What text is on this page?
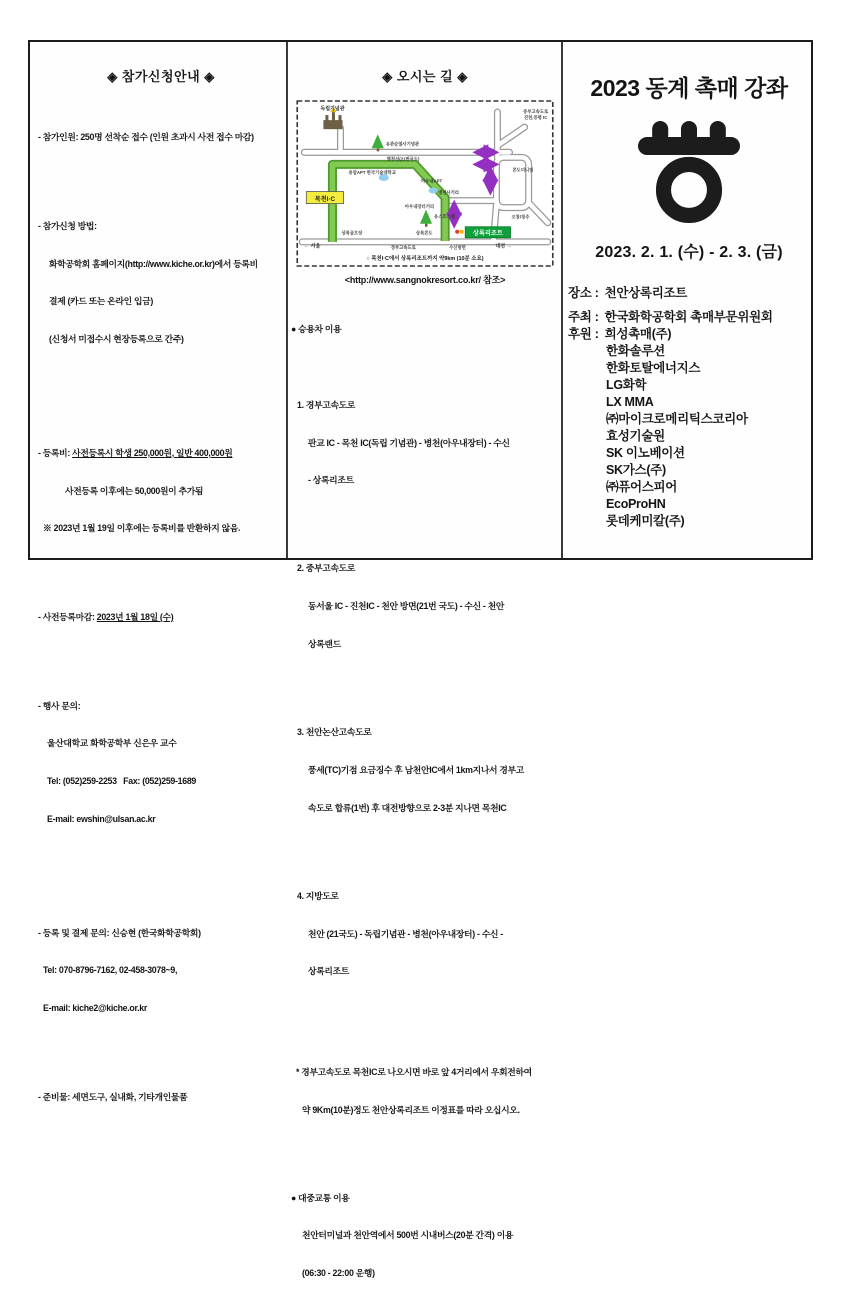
◈ 참가신청안내 ◈

- 참가인원: 250명 선착순 접수 (인원 초과시 사전 접수 마감)

- 참가신청 방법:

화학공학회 홈페이지(http://www.kiche.or.kr)에서 등록비

결제 (카드 또는 온라인 입금)

(신청서 미접수시 현장등록으로 간주)

- 등록비: 사전등록시 학생 250,000원, 일반 400,000원

사전등록 이후에는 50,000원이 추가됨

※ 2023년 1월 19일 이후에는 등록비를 반환하지 않음.

- 사전등록마감: 2023년 1월 18일 (수)

- 행사 문의:

울산대학교 화학공학부 신은우 교수

Tel: (052)259-2253   Fax: (052)259-1689

E-mail: ewshin@ulsan.ac.kr

- 등록 및 결제 문의: 신승현 (한국화학공학회)

Tel: 070-8796-7162, 02-458-3078~9,

E-mail: kiche2@kiche.or.kr

- 준비물: 세면도구, 실내화, 기타개인물품

◈ 오시는 길 ◈
목천I·C
상록리조트
독립기념관
유관순열사기념관
병천선(21번국도)
용암APT 한국기술대학교
아우내APT
중부고속도로
진천,증평 IC
콘도미니엄
오창/청주
병천사거리
아우내장터거리
유스호스텔
상록골프장	상록콘도
← 서울	경부고속도로	수신방면	대전 →
○ 목천I·C에서 상록리조트까지 약9km (10분 소요)
<http://www.sangnokresort.co.kr/ 참조>

● 승용차 이용

1. 경부고속도로

판교 IC - 목천 IC(독립 기념관) - 병천(아우내장터) - 수신

- 상록리조트

2. 중부고속도로

동서울 IC - 진천IC - 천안 방면(21번 국도) - 수신 - 천안

상록랜드

3. 천안논산고속도로

풍세(TC)기점 요금징수 후 남천안IC에서 1km지나서 경부고

속도로 합류(1번) 후 대전방향으로 2-3분 지나면 목천IC

4. 지방도로

천안 (21국도) - 독립기념관 - 병천(아우내장터) - 수신 -

상록리조트

* 경부고속도로 목천IC로 나오시면 바로 앞 4거리에서 우회전하여

약 9Km(10분)정도 천안상록리조트 이정표를 따라 오십시오.

● 대중교통 이용

천안터미널과 천안역에서 500번 시내버스(20분 간격) 이용

(06:30 - 22:00 운행)

2023 동계 촉매 강좌
2023. 2. 1. (수) - 2. 3. (금)
장소 : 천안상록리조트
주최 : 한국화학공학회 촉매부문위원회
후원 : 희성촉매(주)
한화솔루션
한화토탈에너지스
LG화학
LX MMA
㈜마이크로메리틱스코리아
효성기술원
SK 이노베이션
SK가스(주)
㈜퓨어스피어
EcoProHN
롯데케미칼(주)
